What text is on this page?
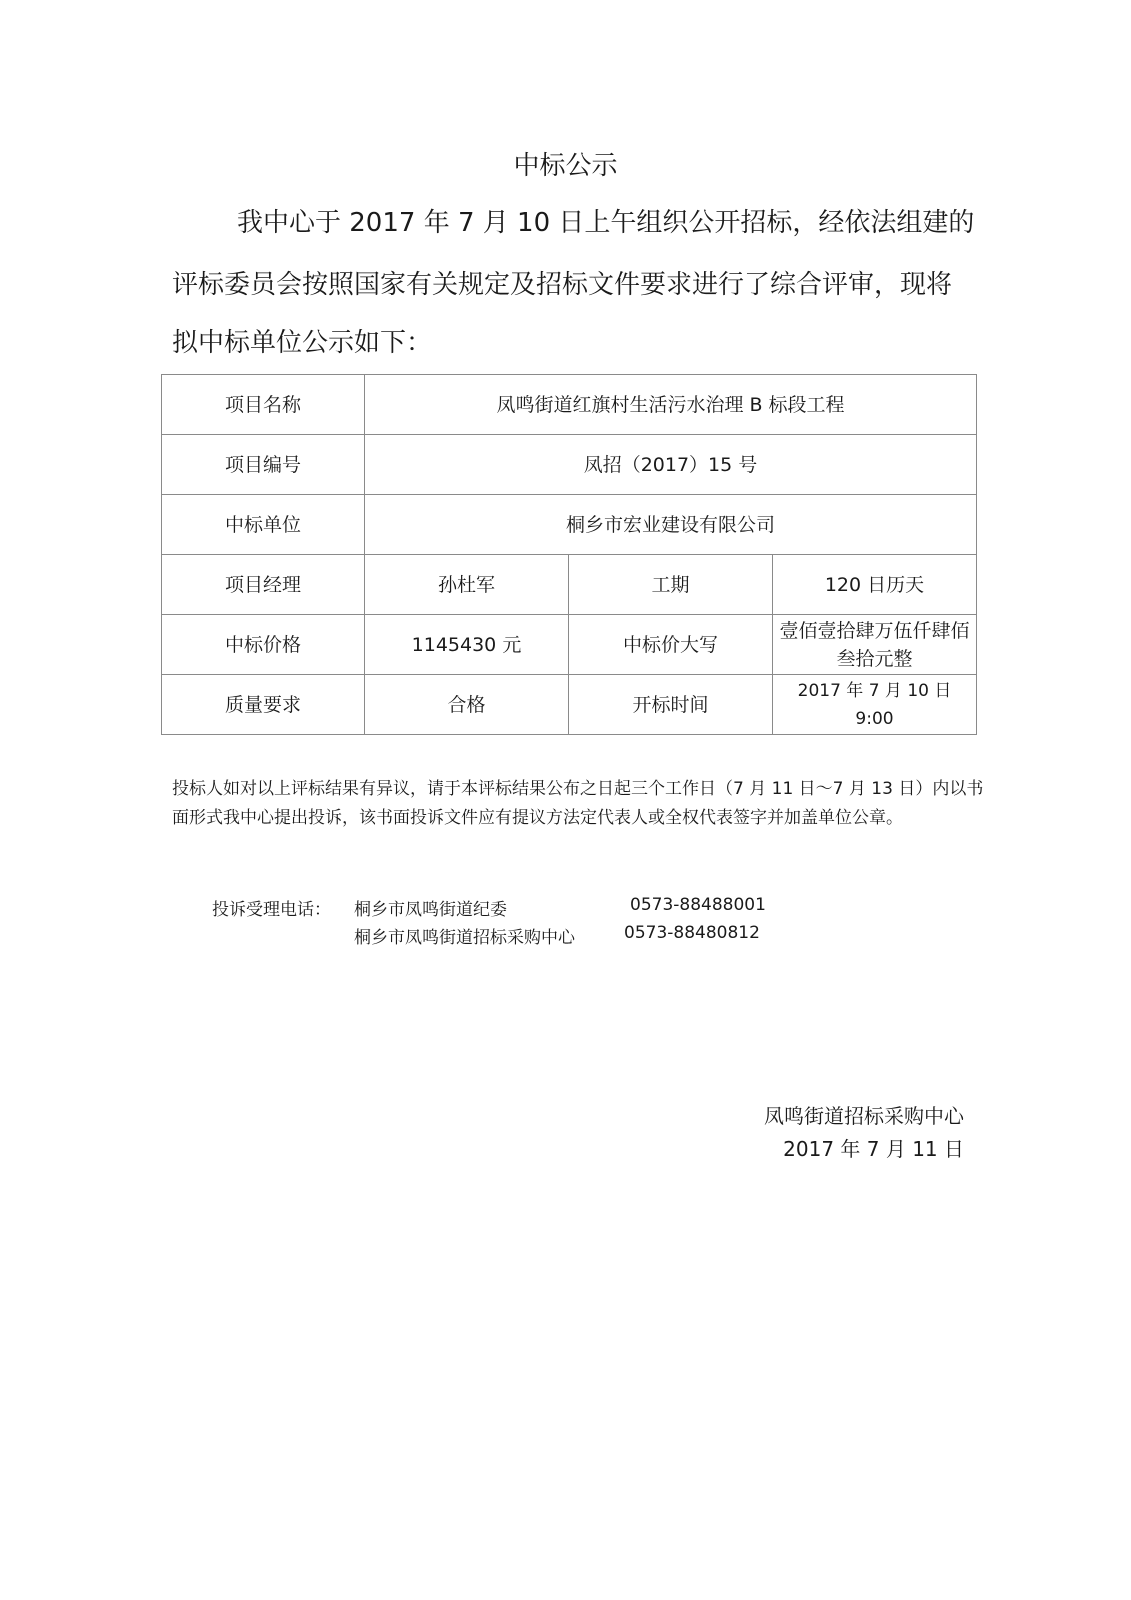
中标公示
我中心于 2017 年 7 月 10 日上午组织公开招标，经依法组建的
评标委员会按照国家有关规定及招标文件要求进行了综合评审，现将
拟中标单位公示如下：
项目名称	凤鸣街道红旗村生活污水治理 B 标段工程		
项目编号	凤招（2017）15 号		
中标单位	桐乡市宏业建设有限公司		
项目经理	孙杜军	工期	120 日历天
中标价格	1145430 元	中标价大写	壹佰壹拾肆万伍仟肆佰叁拾元整
质量要求	合格	开标时间	2017 年 7 月 10 日 9:00
投标人如对以上评标结果有异议，请于本评标结果公布之日起三个工作日（7 月 11 日～7 月 13 日）内以书面形式我中心提出投诉，该书面投诉文件应有提议方法定代表人或全权代表签字并加盖单位公章。
投诉受理电话： 桐乡市凤鸣街道纪委	0573-88488001
桐乡市凤鸣街道招标采购中心	0573-88480812
凤鸣街道招标采购中心
2017 年 7 月 11 日
